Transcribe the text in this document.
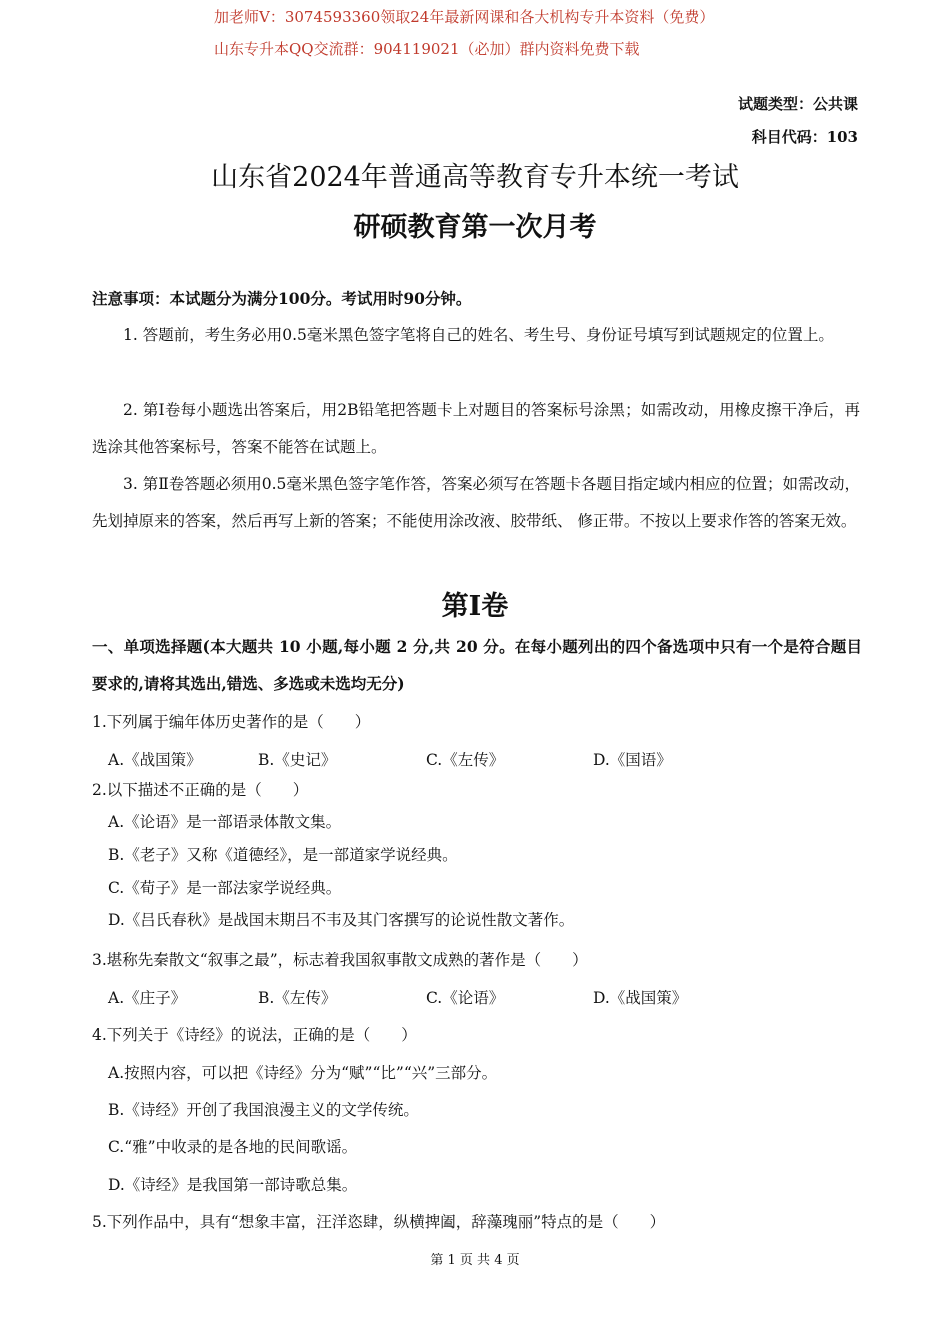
加老师V：3074593360领取24年最新网课和各大机构专升本资料（免费）
山东专升本QQ交流群：904119021（必加）群内资料免费下载
试题类型：公共课
科目代码：103
山东省2024年普通高等教育专升本统一考试
研硕教育第一次月考
注意事项：本试题分为满分100分。考试用时90分钟。
1. 答题前，考生务必用0.5毫米黑色签字笔将自己的姓名、考生号、身份证号填写到试题规定的位置上。
2. 第Ⅰ卷每小题选出答案后，用2B铅笔把答题卡上对题目的答案标号涂黑；如需改动，用橡皮擦干净后，再选涂其他答案标号，答案不能答在试题上。
3. 第Ⅱ卷答题必须用0.5毫米黑色签字笔作答，答案必须写在答题卡各题目指定域内相应的位置；如需改动，先划掉原来的答案，然后再写上新的答案；不能使用涂改液、胶带纸、 修正带。不按以上要求作答的答案无效。
第Ⅰ卷
一、单项选择题(本大题共 10 小题,每小题 2 分,共 20 分。在每小题列出的四个备选项中只有一个是符合题目要求的,请将其选出,错选、多选或未选均无分)
1.下列属于编年体历史著作的是（　　）
A.《战国策》	B.《史记》	C.《左传》	D.《国语》
2.以下描述不正确的是（　　）
A.《论语》是一部语录体散文集。
B.《老子》又称《道德经》，是一部道家学说经典。
C.《荀子》是一部法家学说经典。
D.《吕氏春秋》是战国末期吕不韦及其门客撰写的论说性散文著作。
3.堪称先秦散文“叙事之最”，标志着我国叙事散文成熟的著作是（　　）
A.《庄子》	B.《左传》	C.《论语》	D.《战国策》
4.下列关于《诗经》的说法，正确的是（　　）
A.按照内容，可以把《诗经》分为“赋”“比”“兴”三部分。
B.《诗经》开创了我国浪漫主义的文学传统。
C.“雅”中收录的是各地的民间歌谣。
D.《诗经》是我国第一部诗歌总集。
5.下列作品中，具有“想象丰富，汪洋恣肆，纵横捭阖，辞藻瑰丽”特点的是（　　）
第 1 页 共 4 页
